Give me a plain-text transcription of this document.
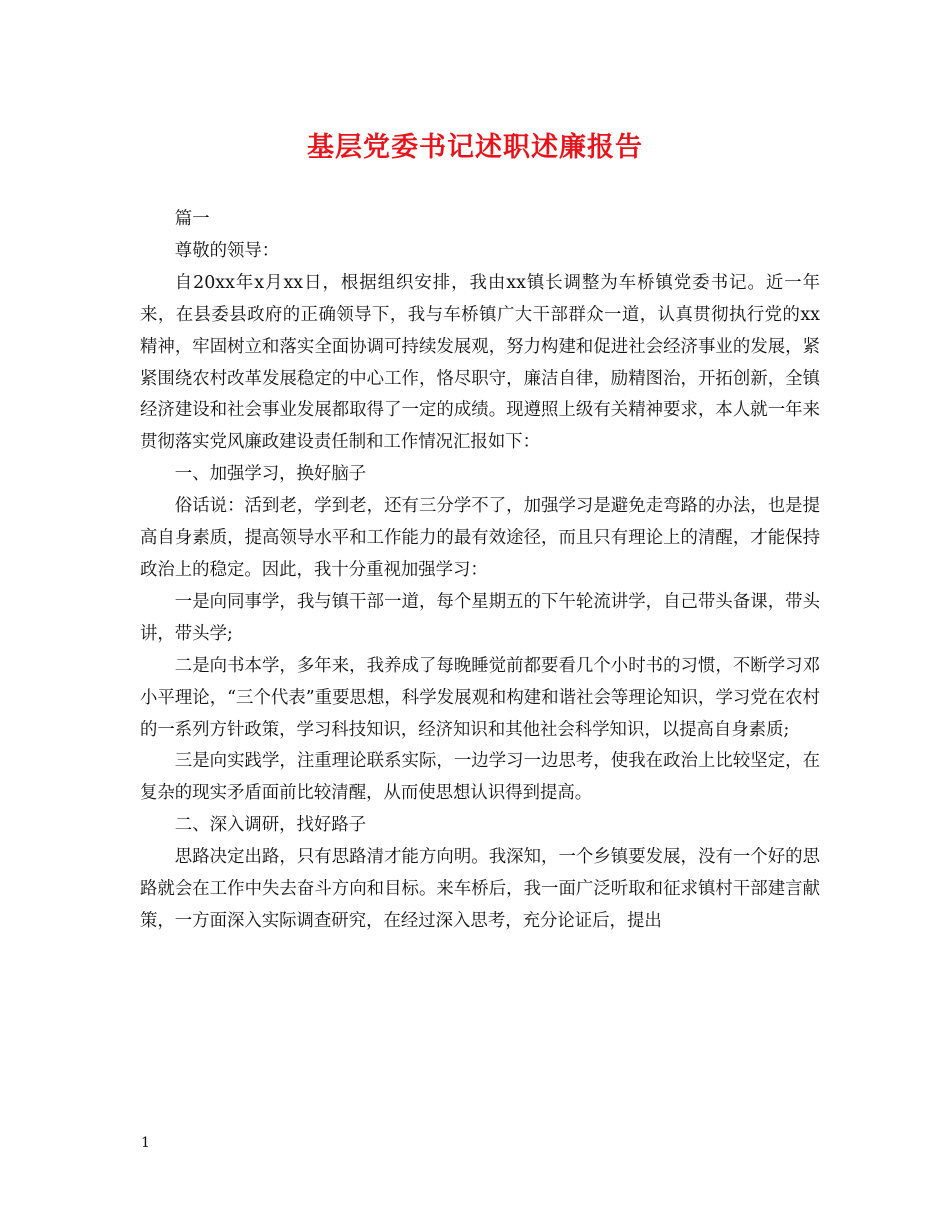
基层党委书记述职述廉报告

篇一

尊敬的领导：

自20xx年x月xx日，根据组织安排，我由xx镇长调整为车桥镇党委书记。近一年来，在县委县政府的正确领导下，我与车桥镇广大干部群众一道，认真贯彻执行党的xx精神，牢固树立和落实全面协调可持续发展观，努力构建和促进社会经济事业的发展，紧紧围绕农村改革发展稳定的中心工作，恪尽职守，廉洁自律，励精图治，开拓创新，全镇经济建设和社会事业发展都取得了一定的成绩。现遵照上级有关精神要求，本人就一年来贯彻落实党风廉政建设责任制和工作情况汇报如下：

一、加强学习，换好脑子

俗话说：活到老，学到老，还有三分学不了，加强学习是避免走弯路的办法，也是提高自身素质，提高领导水平和工作能力的最有效途径，而且只有理论上的清醒，才能保持政治上的稳定。因此，我十分重视加强学习：

一是向同事学，我与镇干部一道，每个星期五的下午轮流讲学，自己带头备课，带头讲，带头学;

二是向书本学，多年来，我养成了每晚睡觉前都要看几个小时书的习惯，不断学习邓小平理论，“三个代表”重要思想，科学发展观和构建和谐社会等理论知识，学习党在农村的一系列方针政策，学习科技知识，经济知识和其他社会科学知识，以提高自身素质;

三是向实践学，注重理论联系实际，一边学习一边思考，使我在政治上比较坚定，在复杂的现实矛盾面前比较清醒，从而使思想认识得到提高。

二、深入调研，找好路子

思路决定出路，只有思路清才能方向明。我深知，一个乡镇要发展，没有一个好的思路就会在工作中失去奋斗方向和目标。来车桥后，我一面广泛听取和征求镇村干部建言献策，一方面深入实际调查研究，在经过深入思考，充分论证后，提出

1
